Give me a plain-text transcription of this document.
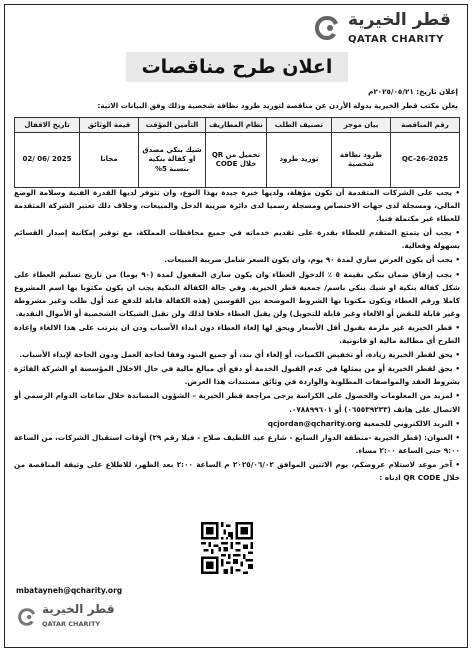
قطر الخيرية
QATAR CHARITY
اعلان طرح مناقصات
إعلان تاريخ: ٢٠٢٥/٠٥/٢١م
يعلن مكتب قطر الخيرية بدولة الأردن عن مناقصة لتوريد طرود نظافة شخصية وذلك وفق البيانات الاتية:
رقم المناقصة	بيان موجز	تصنيف الطلب	نظام المطاريف	التأمين المؤقت	قيمة الوثائق	تاريخ الاقفال
QC-26-2025	طرود نظافة شخصية	توريد طرود	تحميل من QR خلال CODE	شيك بنكي مصدق او كفالة بنكية بنسبة 5%	مجانا	2025 /06 /02

• يجب على الشركات المتقدمة أن تكون مؤهلة، ولديها خبرة جيدة بهذا النوع، وان تتوفر لديها القدرة الفنية وسلامة الوضع المالي، ومسجلة لدى جهات الاختصاص ومسجلة رسميا لدى دائرة ضريبة الدخل والمبيعات، وخلاف ذلك تعتبر الشركة المتقدمة للعطاء غير مكتملة فنيا.

• يجب أن يتمتع المتقدم للعطاء بقدرة على تقديم خدماته في جميع محافظات المملكة، مع توفير إمكانية إصدار القسائم بسهولة وفعالية.

• يجب أن يكون العرض ساري لمدة ٩٠ يوم، وان يكون السعر شامل ضريبة المبيعات.

• يجب إرفاق ضمان بنكي بقيمة ٥ ٪ الدخول العطاء وان يكون ساري المفعول لمدة (٩٠ يوما) من تاريخ تسليم العطاء على شكل كفالة بنكية او شيك بنكي باسم/ جمعية قطر الخيرية. وفي حالة الكفالة البنكية يجب ان يكون مكتوبا بها اسم المشروع كاملا ورقم العطاء ويكون مكتوبا بها الشروط الموضحة بين القوسين (هذه الكفالة قابلة للدفع عند أول طلب وغير مشروطة وغير قابلة للنقض أو الالغاء وغير قابلة للتحويل) ولن يقبل العطاء خلافا لذلك ولن تقبل الشيكات الشخصية أو الأموال النقدية.

• قطر الخيرية غير ملزمة بقبول أقل الأسعار ويحق لها إلغاء العطاء دون ابداء الأسباب ودن ان يترتب على هذا الالغاء وإعادة الطرح أي مطالبة مالية او قانونية.

• يحق لقطر الخيرية زيادة، أو تخفيض الكميات، أو إلغاء أي بند، أو جميع البنود وفقا لحاجة العمل ودون الحاجة لإبداء الأسباب.

• يحق لقطر الخيرية أو من يمثلها في عدم القبول الخدمة أو دفع أي مبالغ مالية في حال الاخلال المؤسسة او الشركة الفائزة بشروط العقد والمواصفات المطلوبة والواردة في وثائق مستندات هذا العرض.

• لمزيد من المعلومات والحصول على الكراسة يرجى مراجعة قطر الخيرية – الشؤون المساندة خلال ساعات الدوام الرسمي أو الاتصال على هاتف (٠٦٥٥٣٩٢٣٣) أو ٠٧٨٨٩٩٦٠١.

• البريد الالكتروني للجمعية qcjordan@qcharity.org

• العنوان: (قطر الخيرية -منطقة الدوار السابع - شارع عبد اللطيف صلاح - فيلا رقم ٢٩) أوقات استقبال الشركات، من الساعة ٩:٠٠ حتى الساعة ٢:٠٠ مساء.

• آخر موعد لاستلام عروضكم، يوم الاثنين الموافق ٢٠٢٥/٠٦/٠٢ م الساعة ٢:٠٠ بعد الظهر، للاطلاع على وثيقة المناقصة من خلال QR CODE ادناه :

mbatayneh@qcharity.org
قطر الخيرية
QATAR CHARITY
